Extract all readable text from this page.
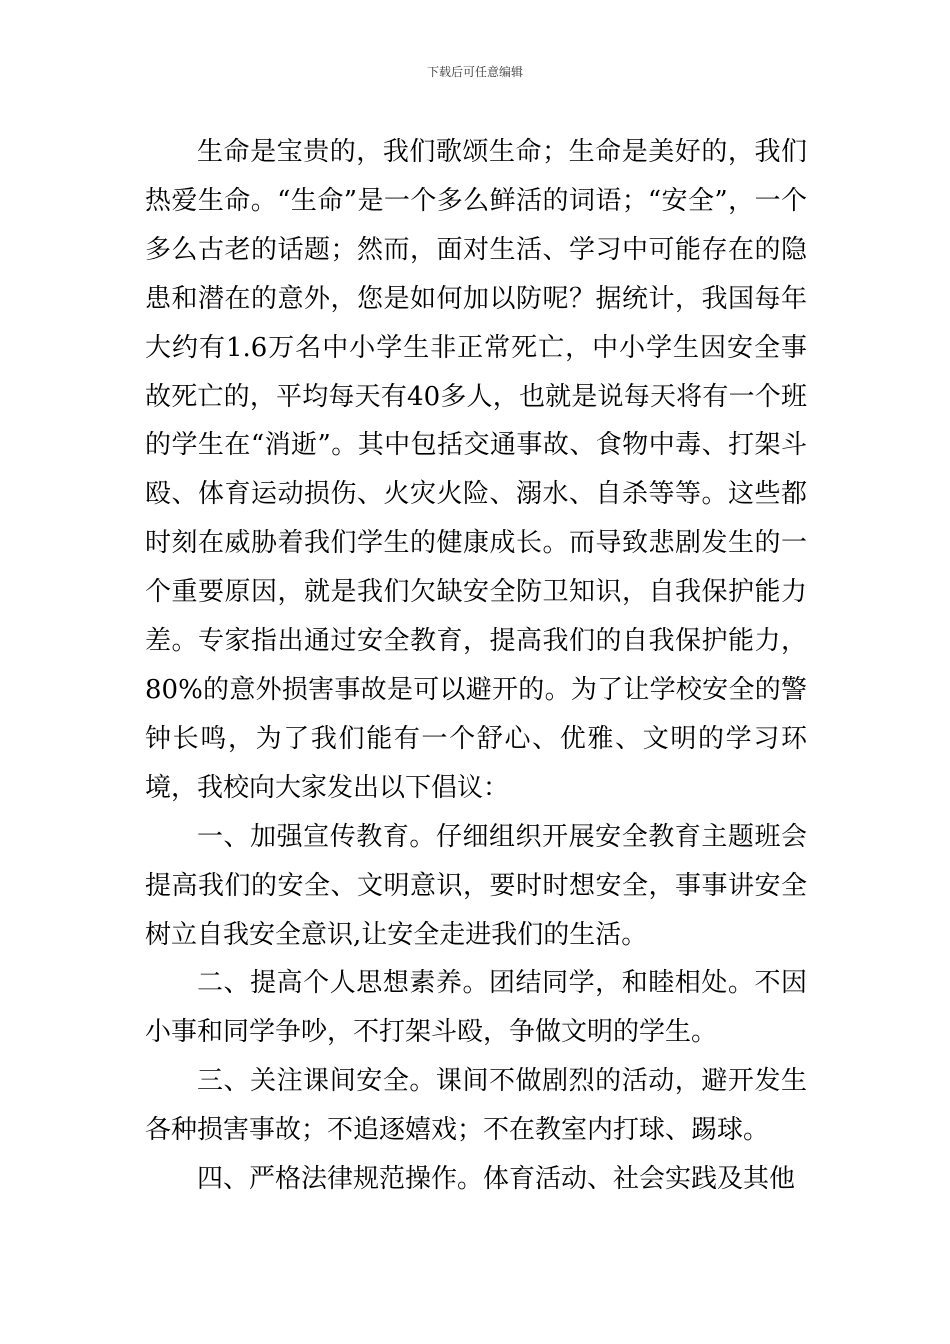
下载后可任意编辑

生命是宝贵的，我们歌颂生命；生命是美好的，我们热爱生命。“生命”是一个多么鲜活的词语；“安全”，一个多么古老的话题；然而，面对生活、学习中可能存在的隐患和潜在的意外，您是如何加以防呢？据统计，我国每年大约有1.6万名中小学生非正常死亡，中小学生因安全事故死亡的，平均每天有40多人，也就是说每天将有一个班的学生在“消逝”。其中包括交通事故、食物中毒、打架斗殴、体育运动损伤、火灾火险、溺水、自杀等等。这些都时刻在威胁着我们学生的健康成长。而导致悲剧发生的一个重要原因，就是我们欠缺安全防卫知识，自我保护能力差。专家指出通过安全教育，提高我们的自我保护能力，80%的意外损害事故是可以避开的。为了让学校安全的警钟长鸣，为了我们能有一个舒心、优雅、文明的学习环境，我校向大家发出以下倡议：

一、加强宣传教育。仔细组织开展安全教育主题班会提高我们的安全、文明意识，要时时想安全，事事讲安全树立自我安全意识,让安全走进我们的生活。

二、提高个人思想素养。团结同学，和睦相处。不因小事和同学争吵，不打架斗殴，争做文明的学生。

三、关注课间安全。课间不做剧烈的活动，避开发生各种损害事故；不追逐嬉戏；不在教室内打球、踢球。

四、严格法律规范操作。体育活动、社会实践及其他
